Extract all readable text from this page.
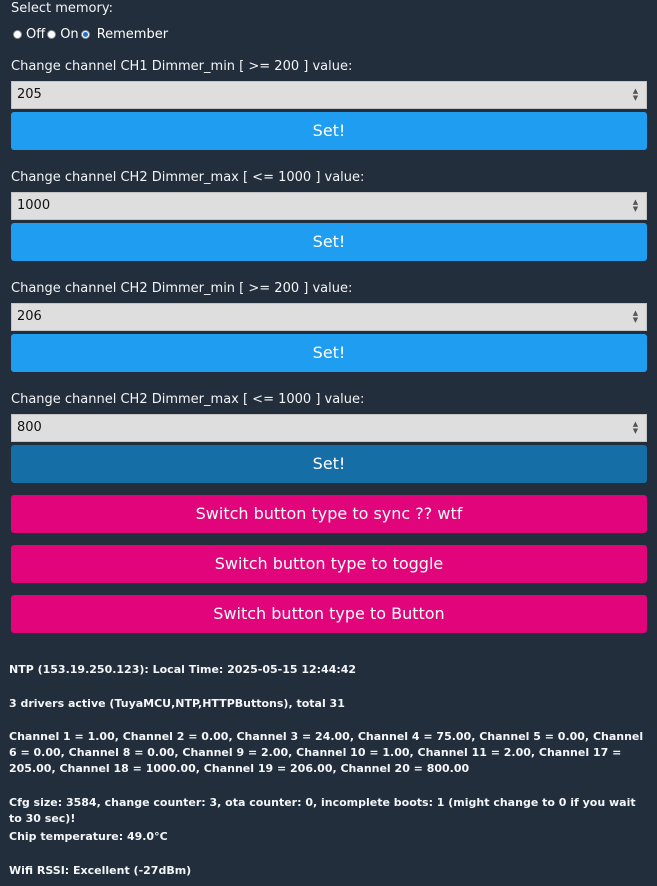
Select memory:
Off On Remember
Change channel CH1 Dimmer_min [ >= 200 ] value:
205	▲
▼
Set!
Change channel CH2 Dimmer_max [ <= 1000 ] value:
1000	▲
▼
Set!
Change channel CH2 Dimmer_min [ >= 200 ] value:
206	▲
▼
Set!
Change channel CH2 Dimmer_max [ <= 1000 ] value:
800	▲
▼
Set!
Switch button type to sync ?? wtf
Switch button type to toggle
Switch button type to Button
NTP (153.19.250.123): Local Time: 2025-05-15 12:44:42
3 drivers active (TuyaMCU,NTP,HTTPButtons), total 31
Channel 1 = 1.00, Channel 2 = 0.00, Channel 3 = 24.00, Channel 4 = 75.00, Channel 5 = 0.00, Channel 6 = 0.00, Channel 8 = 0.00, Channel 9 = 2.00, Channel 10 = 1.00, Channel 11 = 2.00, Channel 17 = 205.00, Channel 18 = 1000.00, Channel 19 = 206.00, Channel 20 = 800.00
Cfg size: 3584, change counter: 3, ota counter: 0, incomplete boots: 1 (might change to 0 if you wait to 30 sec)!
Chip temperature: 49.0°C
Wifi RSSI: Excellent (-27dBm)
